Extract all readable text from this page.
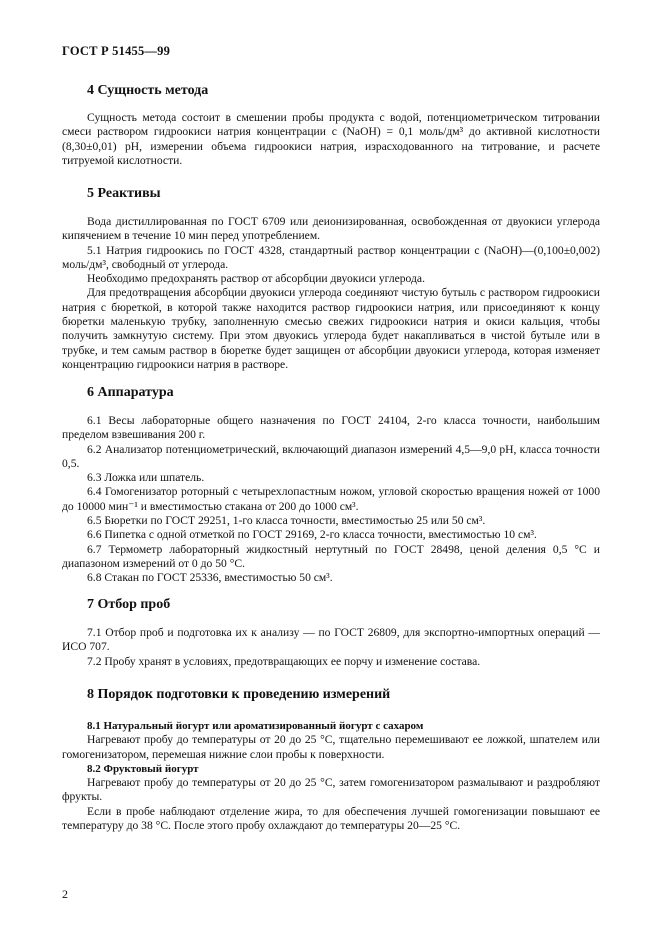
ГОСТ Р 51455—99
4 Сущность метода

Сущность метода состоит в смешении пробы продукта с водой, потенциометрическом титровании смеси раствором гидроокиси натрия концентрации c (NaOH) = 0,1 моль/дм³ до активной кислотности (8,30±0,01) pH, измерении объема гидроокиси натрия, израсходованного на титрование, и расчете титруемой кислотности.

5 Реактивы

Вода дистиллированная по ГОСТ 6709 или деионизированная, освобожденная от двуокиси углерода кипячением в течение 10 мин перед употреблением.

5.1 Натрия гидроокись по ГОСТ 4328, стандартный раствор концентрации c (NaOH)—(0,100±0,002) моль/дм³, свободный от углерода.

Необходимо предохранять раствор от абсорбции двуокиси углерода.

Для предотвращения абсорбции двуокиси углерода соединяют чистую бутыль с раствором гидроокиси натрия с бюреткой, в которой также находится раствор гидроокиси натрия, или присоединяют к концу бюретки маленькую трубку, заполненную смесью свежих гидроокиси натрия и окиси кальция, чтобы получить замкнутую систему. При этом двуокись углерода будет накапливаться в чистой бутыле или в трубке, и тем самым раствор в бюретке будет защищен от абсорбции двуокиси углерода, которая изменяет концентрацию гидроокиси натрия в растворе.

6 Аппаратура

6.1 Весы лабораторные общего назначения по ГОСТ 24104, 2-го класса точности, наибольшим пределом взвешивания 200 г.

6.2 Анализатор потенциометрический, включающий диапазон измерений 4,5—9,0 pH, класса точности 0,5.

6.3 Ложка или шпатель.

6.4 Гомогенизатор роторный с четырехлопастным ножом, угловой скоростью вращения ножей от 1000 до 10000 мин⁻¹ и вместимостью стакана от 200 до 1000 см³.

6.5 Бюретки по ГОСТ 29251, 1-го класса точности, вместимостью 25 или 50 см³.

6.6 Пипетка с одной отметкой по ГОСТ 29169, 2-го класса точности, вместимостью 10 см³.

6.7 Термометр лабораторный жидкостный нертутный по ГОСТ 28498, ценой деления 0,5 °С и диапазоном измерений от 0 до 50 °С.

6.8 Стакан по ГОСТ 25336, вместимостью 50 см³.

7 Отбор проб

7.1 Отбор проб и подготовка их к анализу — по ГОСТ 26809, для экспортно-импортных операций — ИСО 707.

7.2 Пробу хранят в условиях, предотвращающих ее порчу и изменение состава.

8 Порядок подготовки к проведению измерений

8.1 Натуральный йогурт или ароматизированный йогурт с сахаром

Нагревают пробу до температуры от 20 до 25 °С, тщательно перемешивают ее ложкой, шпателем или гомогенизатором, перемешая нижние слои пробы к поверхности.

8.2 Фруктовый йогурт

Нагревают пробу до температуры от 20 до 25 °С, затем гомогенизатором размалывают и раздробляют фрукты.

Если в пробе наблюдают отделение жира, то для обеспечения лучшей гомогенизации повышают ее температуру до 38 °С. После этого пробу охлаждают до температуры 20—25 °С.

2
